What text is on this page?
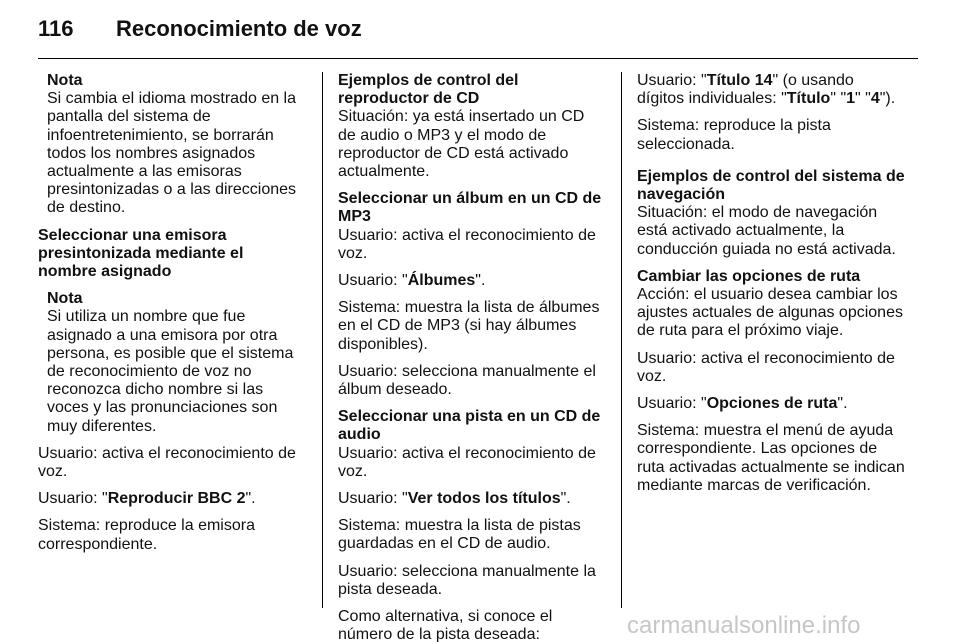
116 Reconocimiento de voz
Nota
Si cambia el idioma mostrado en la pantalla del sistema de infoentretenimiento, se borrarán todos los nombres asignados actualmente a las emisoras presintonizadas o a las direcciones de destino.
Seleccionar una emisora presintonizada mediante el nombre asignado
Nota
Si utiliza un nombre que fue asignado a una emisora por otra persona, es posible que el sistema de reconocimiento de voz no reconozca dicho nombre si las voces y las pronunciaciones son muy diferentes.
Usuario: activa el reconocimiento de voz.
Usuario: "Reproducir BBC 2".
Sistema: reproduce la emisora correspondiente.
Ejemplos de control del reproductor de CD
Situación: ya está insertado un CD de audio o MP3 y el modo de reproductor de CD está activado actualmente.
Seleccionar un álbum en un CD de MP3
Usuario: activa el reconocimiento de voz.
Usuario: "Álbumes".
Sistema: muestra la lista de álbumes en el CD de MP3 (si hay álbumes disponibles).
Usuario: selecciona manualmente el álbum deseado.
Seleccionar una pista en un CD de audio
Usuario: activa el reconocimiento de voz.
Usuario: "Ver todos los títulos".
Sistema: muestra la lista de pistas guardadas en el CD de audio.
Usuario: selecciona manualmente la pista deseada.
Como alternativa, si conoce el número de la pista deseada:
Usuario: "Título 14" (o usando dígitos individuales: "Título" "1" "4").
Sistema: reproduce la pista seleccionada.
Ejemplos de control del sistema de navegación
Situación: el modo de navegación está activado actualmente, la conducción guiada no está activada.
Cambiar las opciones de ruta
Acción: el usuario desea cambiar los ajustes actuales de algunas opciones de ruta para el próximo viaje.
Usuario: activa el reconocimiento de voz.
Usuario: "Opciones de ruta".
Sistema: muestra el menú de ayuda correspondiente. Las opciones de ruta activadas actualmente se indican mediante marcas de verificación.
carmanualsonline.info
